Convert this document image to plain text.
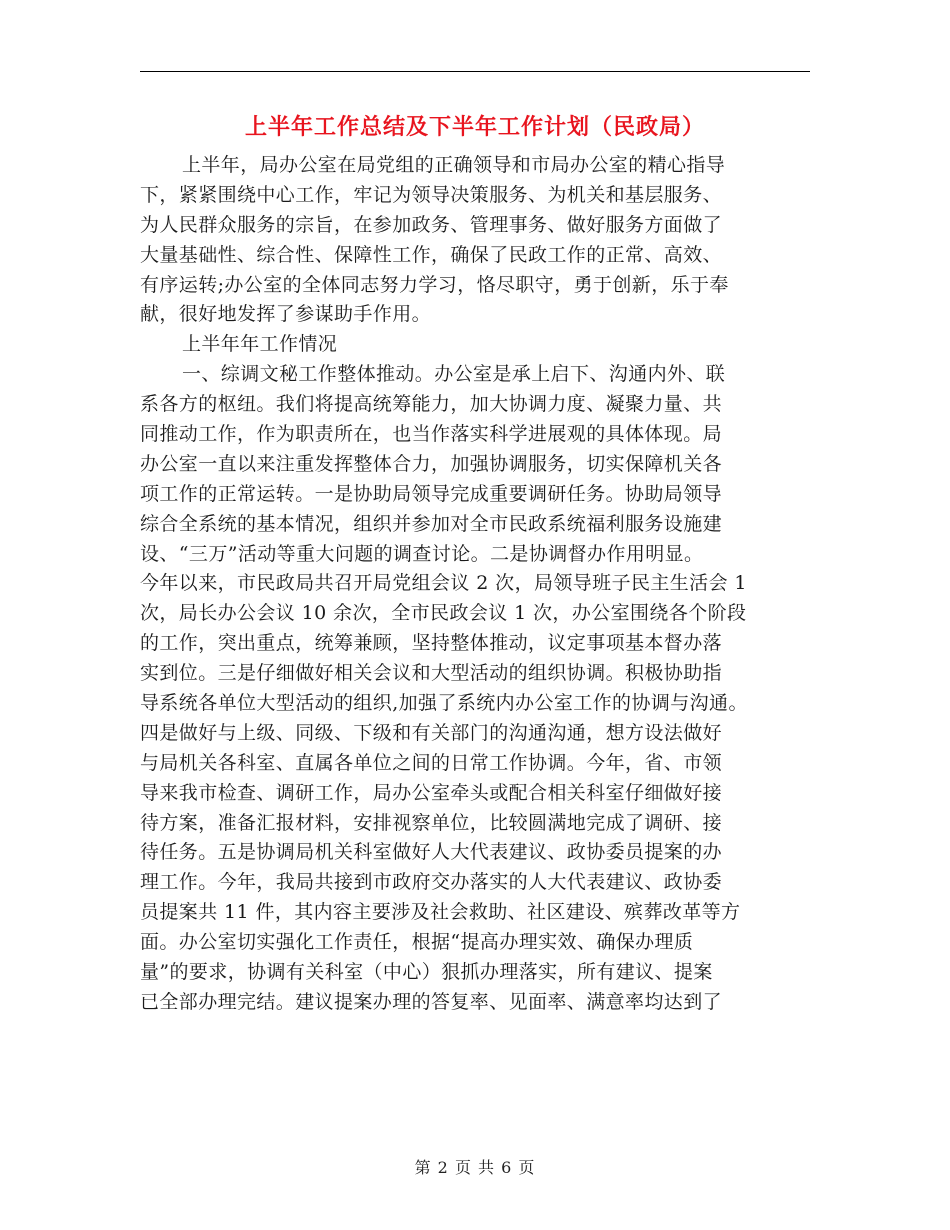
上半年工作总结及下半年工作计划（民政局）
上半年，局办公室在局党组的正确领导和市局办公室的精心指导
下，紧紧围绕中心工作，牢记为领导决策服务、为机关和基层服务、
为人民群众服务的宗旨，在参加政务、管理事务、做好服务方面做了
大量基础性、综合性、保障性工作，确保了民政工作的正常、高效、
有序运转;办公室的全体同志努力学习，恪尽职守，勇于创新，乐于奉
献，很好地发挥了参谋助手作用。
上半年年工作情况
一、综调文秘工作整体推动。办公室是承上启下、沟通内外、联
系各方的枢纽。我们将提高统筹能力，加大协调力度、凝聚力量、共
同推动工作，作为职责所在，也当作落实科学进展观的具体体现。局
办公室一直以来注重发挥整体合力，加强协调服务，切实保障机关各
项工作的正常运转。一是协助局领导完成重要调研任务。协助局领导
综合全系统的基本情况，组织并参加对全市民政系统福利服务设施建
设、“三万”活动等重大问题的调查讨论。二是协调督办作用明显。
今年以来，市民政局共召开局党组会议 2 次，局领导班子民主生活会 1
次，局长办公会议 10 余次，全市民政会议 1 次，办公室围绕各个阶段
的工作，突出重点，统筹兼顾，坚持整体推动，议定事项基本督办落
实到位。三是仔细做好相关会议和大型活动的组织协调。积极协助指
导系统各单位大型活动的组织,加强了系统内办公室工作的协调与沟通。
四是做好与上级、同级、下级和有关部门的沟通沟通，想方设法做好
与局机关各科室、直属各单位之间的日常工作协调。今年，省、市领
导来我市检查、调研工作，局办公室牵头或配合相关科室仔细做好接
待方案，准备汇报材料，安排视察单位，比较圆满地完成了调研、接
待任务。五是协调局机关科室做好人大代表建议、政协委员提案的办
理工作。今年，我局共接到市政府交办落实的人大代表建议、政协委
员提案共 11 件，其内容主要涉及社会救助、社区建设、殡葬改革等方
面。办公室切实强化工作责任，根据“提高办理实效、确保办理质
量”的要求，协调有关科室（中心）狠抓办理落实，所有建议、提案
已全部办理完结。建议提案办理的答复率、见面率、满意率均达到了
第 2 页 共 6 页
